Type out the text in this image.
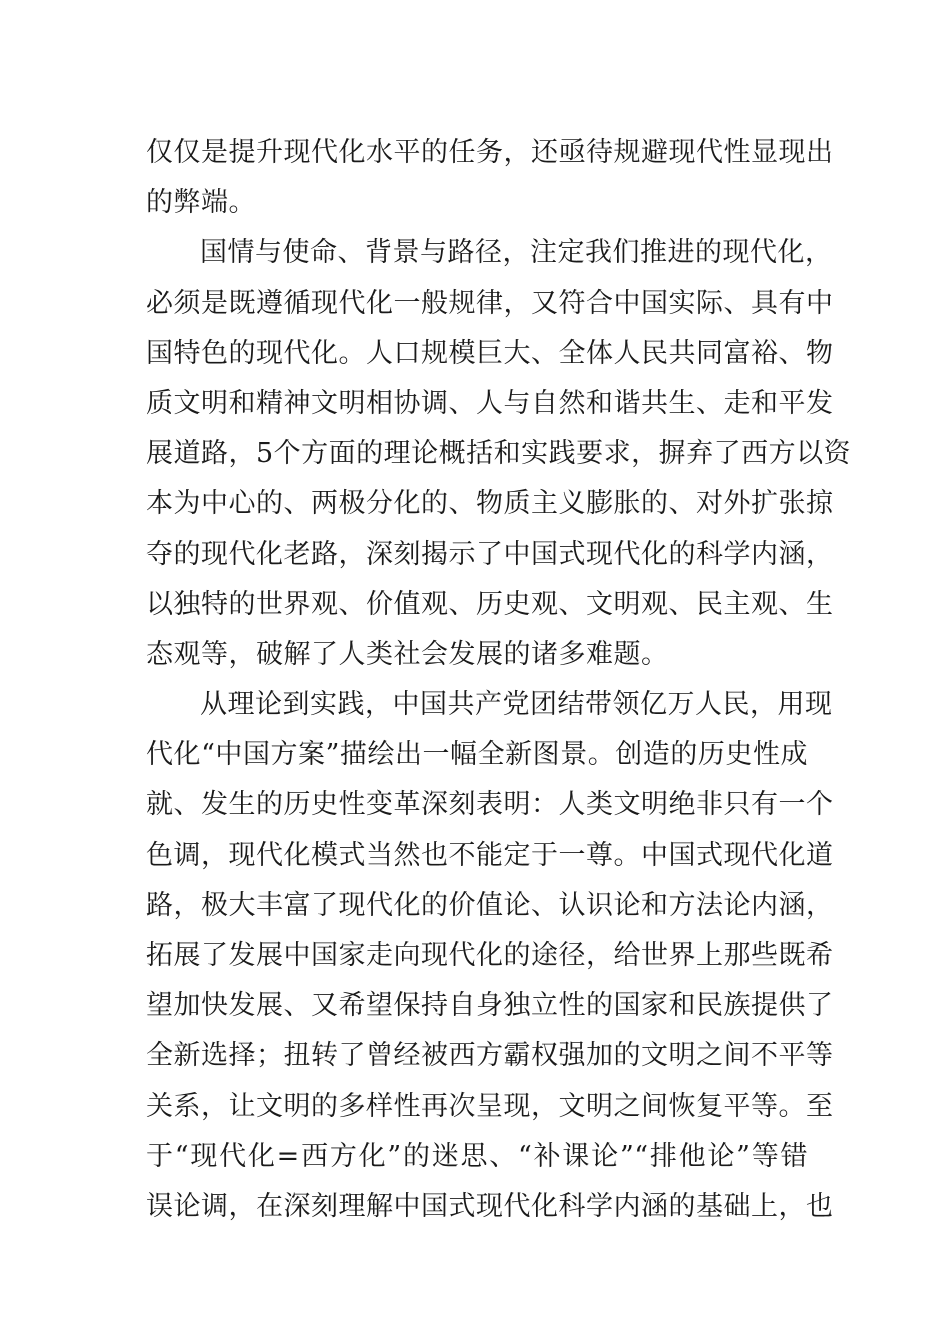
仅仅是提升现代化水平的任务，还亟待规避现代性显现出
的弊端。
国情与使命、背景与路径，注定我们推进的现代化，
必须是既遵循现代化一般规律，又符合中国实际、具有中
国特色的现代化。人口规模巨大、全体人民共同富裕、物
质文明和精神文明相协调、人与自然和谐共生、走和平发
展道路，5个方面的理论概括和实践要求，摒弃了西方以资
本为中心的、两极分化的、物质主义膨胀的、对外扩张掠
夺的现代化老路，深刻揭示了中国式现代化的科学内涵，
以独特的世界观、价值观、历史观、文明观、民主观、生
态观等，破解了人类社会发展的诸多难题。
从理论到实践，中国共产党团结带领亿万人民，用现
代化“中国方案”描绘出一幅全新图景。创造的历史性成
就、发生的历史性变革深刻表明：人类文明绝非只有一个
色调，现代化模式当然也不能定于一尊。中国式现代化道
路，极大丰富了现代化的价值论、认识论和方法论内涵，
拓展了发展中国家走向现代化的途径，给世界上那些既希
望加快发展、又希望保持自身独立性的国家和民族提供了
全新选择；扭转了曾经被西方霸权强加的文明之间不平等
关系，让文明的多样性再次呈现，文明之间恢复平等。至
于“现代化=西方化”的迷思、“补课论”“排他论”等错
误论调，在深刻理解中国式现代化科学内涵的基础上，也
